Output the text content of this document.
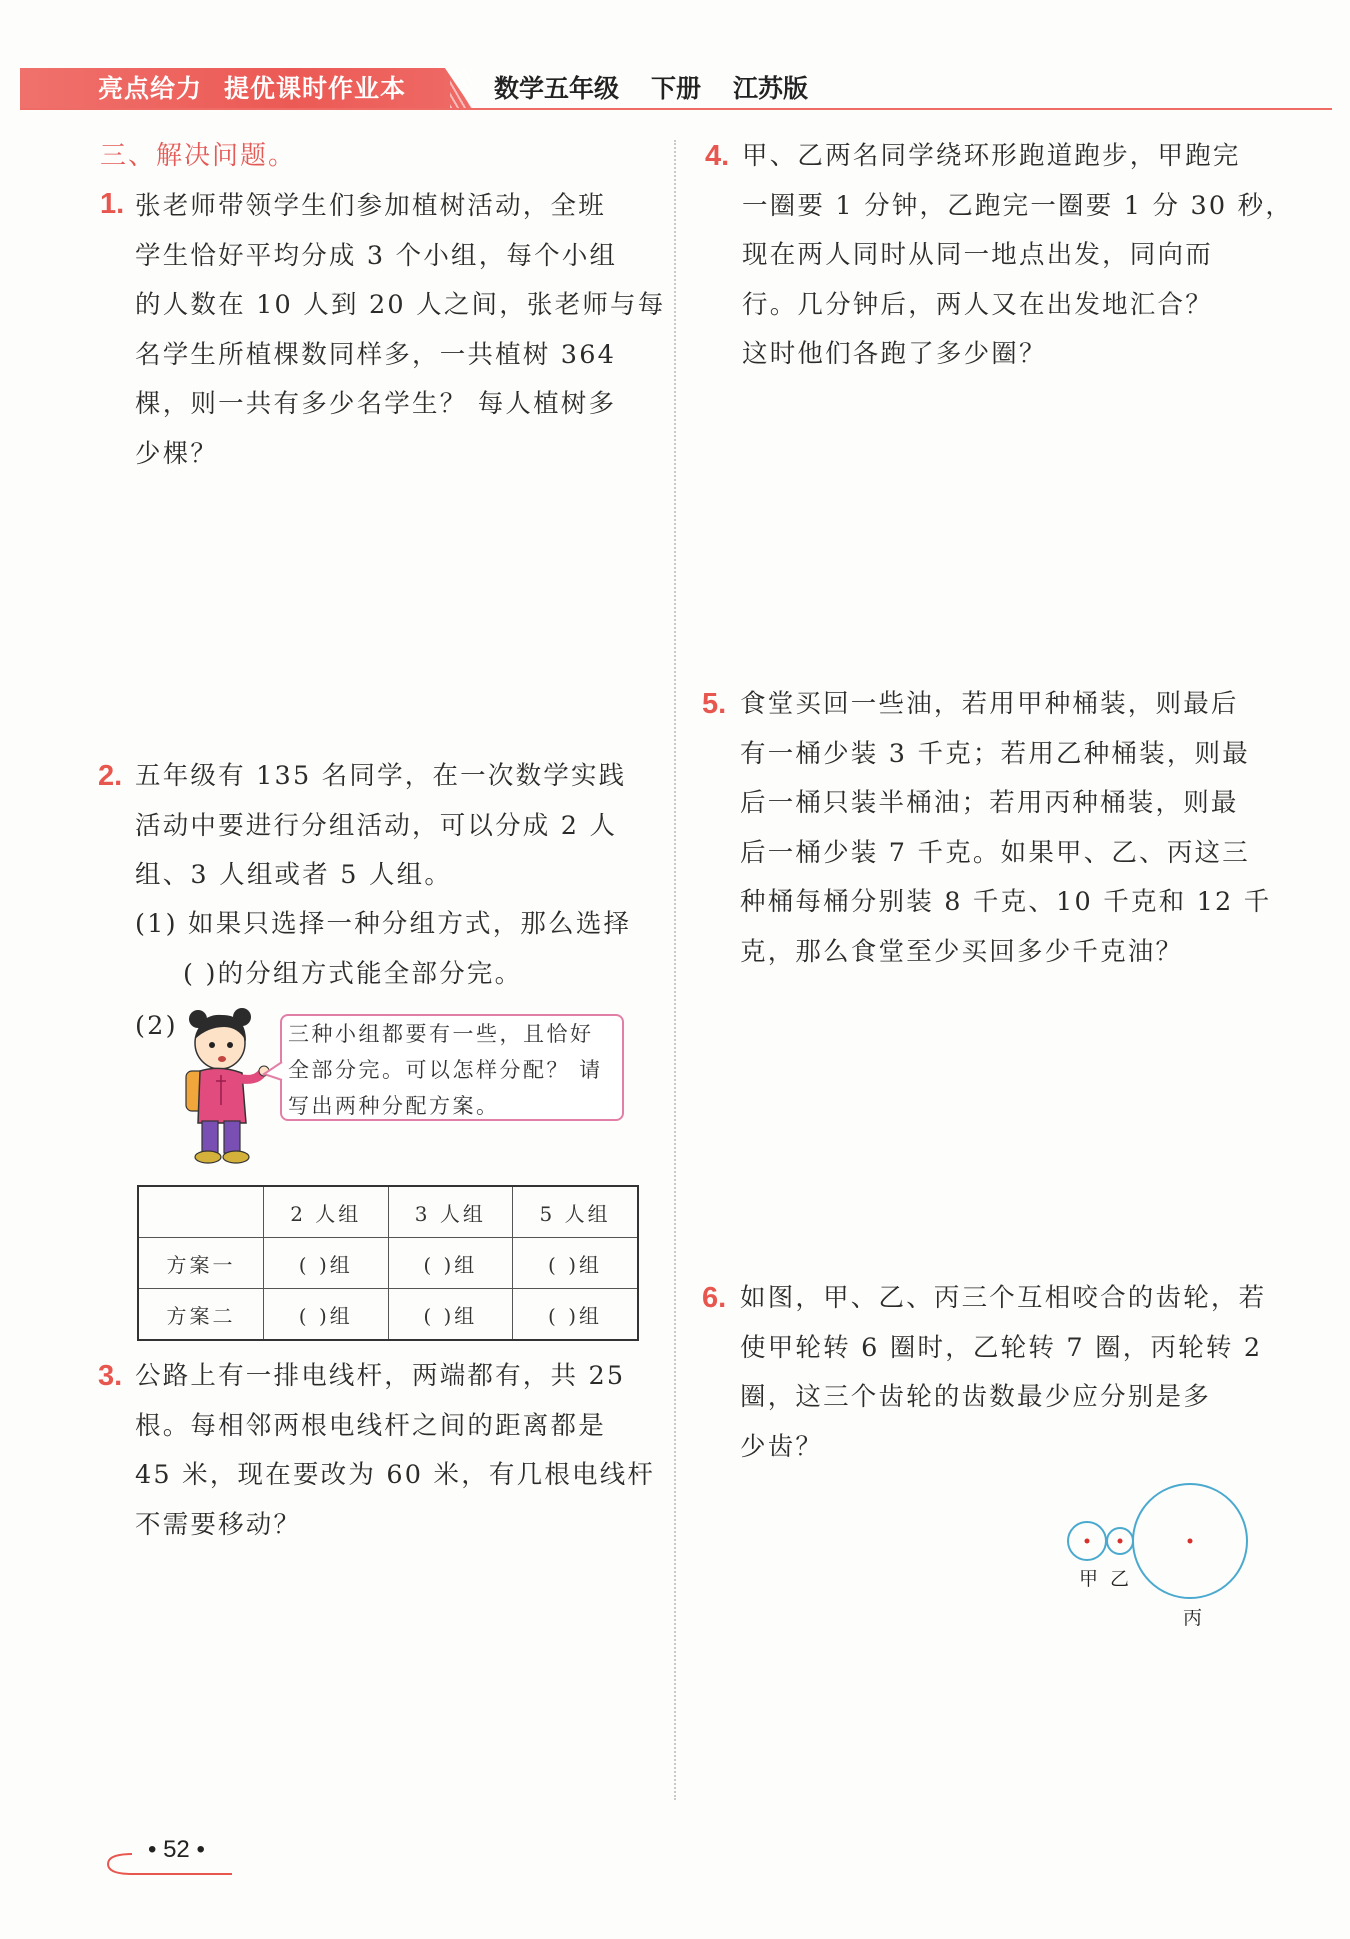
亮点给力 提优课时作业本	数学五年级 下册 江苏版
三、解决问题。
1. 张老师带领学生们参加植树活动，全班
学生恰好平均分成 3 个小组，每个小组
的人数在 10 人到 20 人之间，张老师与每
名学生所植棵数同样多，一共植树 364
棵，则一共有多少名学生？ 每人植树多
少棵？
2. 五年级有 135 名同学，在一次数学实践
活动中要进行分组活动，可以分成 2 人
组、3 人组或者 5 人组。
(1) 如果只选择一种分组方式，那么选择
( )的分组方式能全部分完。
(2)	三种小组都要有一些，且恰好
全部分完。可以怎样分配？ 请
写出两种分配方案。
	2 人组	3 人组	5 人组
方案一	( )组	( )组	( )组
方案二	( )组	( )组	( )组
3. 公路上有一排电线杆，两端都有，共 25
根。每相邻两根电线杆之间的距离都是
45 米，现在要改为 60 米，有几根电线杆
不需要移动？
4. 甲、乙两名同学绕环形跑道跑步，甲跑完
一圈要 1 分钟，乙跑完一圈要 1 分 30 秒，
现在两人同时从同一地点出发，同向而
行。几分钟后，两人又在出发地汇合？
这时他们各跑了多少圈？
5. 食堂买回一些油，若用甲种桶装，则最后
有一桶少装 3 千克；若用乙种桶装，则最
后一桶只装半桶油；若用丙种桶装，则最
后一桶少装 7 千克。如果甲、乙、丙这三
种桶每桶分别装 8 千克、10 千克和 12 千
克，那么食堂至少买回多少千克油？
6. 如图，甲、乙、丙三个互相咬合的齿轮，若
使甲轮转 6 圈时，乙轮转 7 圈，丙轮转 2
圈，这三个齿轮的齿数最少应分别是多
少齿？
甲 乙
丙
• 52 •
